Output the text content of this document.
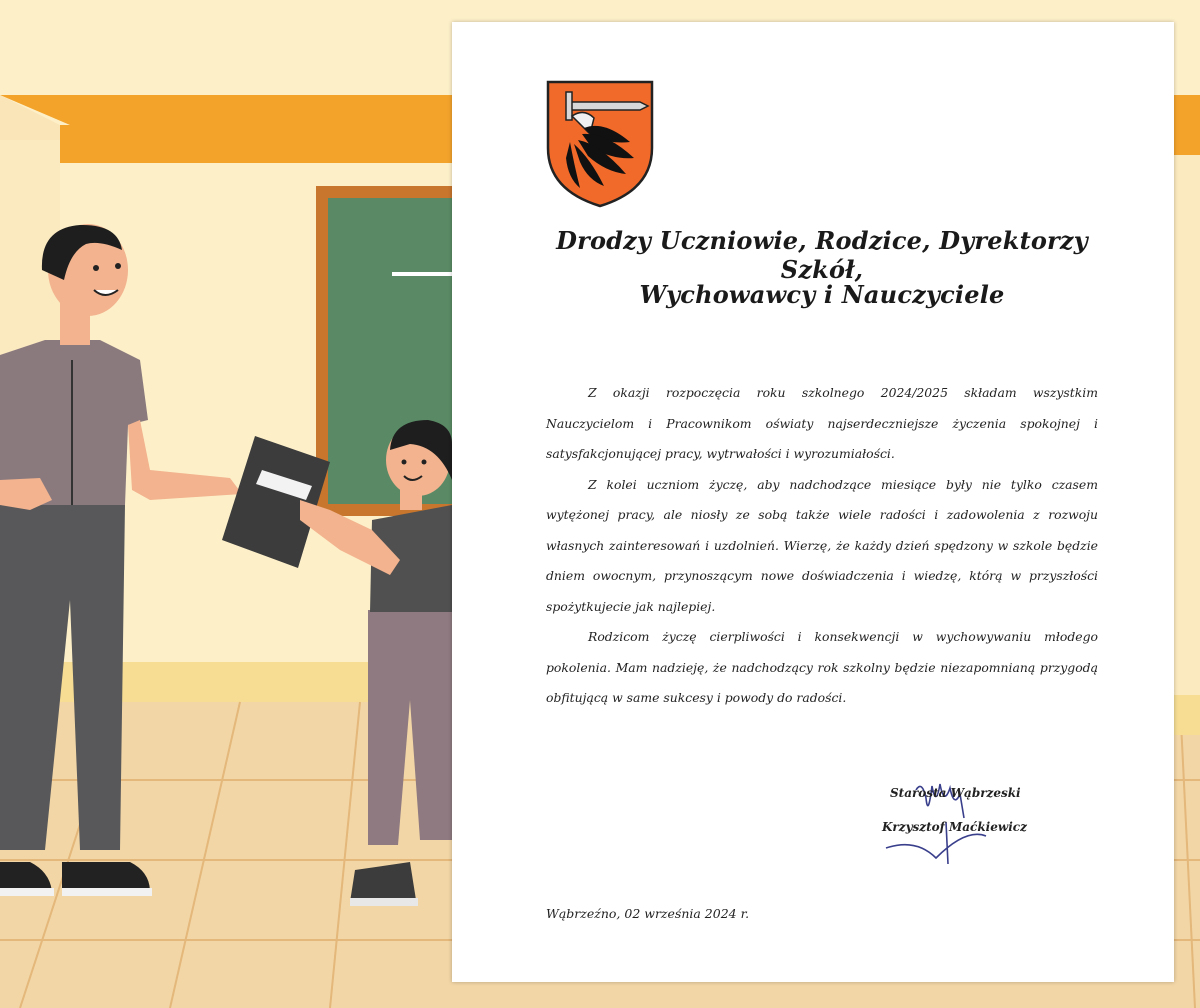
Drodzy Uczniowie, Rodzice, Dyrektorzy Szkół,
Wychowawcy i Nauczyciele

Z okazji rozpoczęcia roku szkolnego 2024/2025 składam wszystkim Nauczycielom i Pracownikom oświaty najserdeczniejsze życzenia spokojnej i satysfakcjonującej pracy, wytrwałości i wyrozumiałości.

Z kolei uczniom życzę, aby nadchodzące miesiące były nie tylko czasem wytężonej pracy, ale niosły ze sobą także wiele radości i zadowolenia z rozwoju własnych zainteresowań i uzdolnień. Wierzę, że każdy dzień spędzony w szkole będzie dniem owocnym, przynoszącym nowe doświadczenia i wiedzę, którą w przyszłości spożytkujecie jak najlepiej.

Rodzicom życzę cierpliwości i konsekwencji w wychowywaniu młodego pokolenia. Mam nadzieję, że nadchodzący rok szkolny będzie niezapomnianą przygodą obfitującą w same sukcesy i powody do radości.

Starosta Wąbrzeski
Krzysztof Maćkiewicz
Wąbrzeźno, 02 września 2024 r.
